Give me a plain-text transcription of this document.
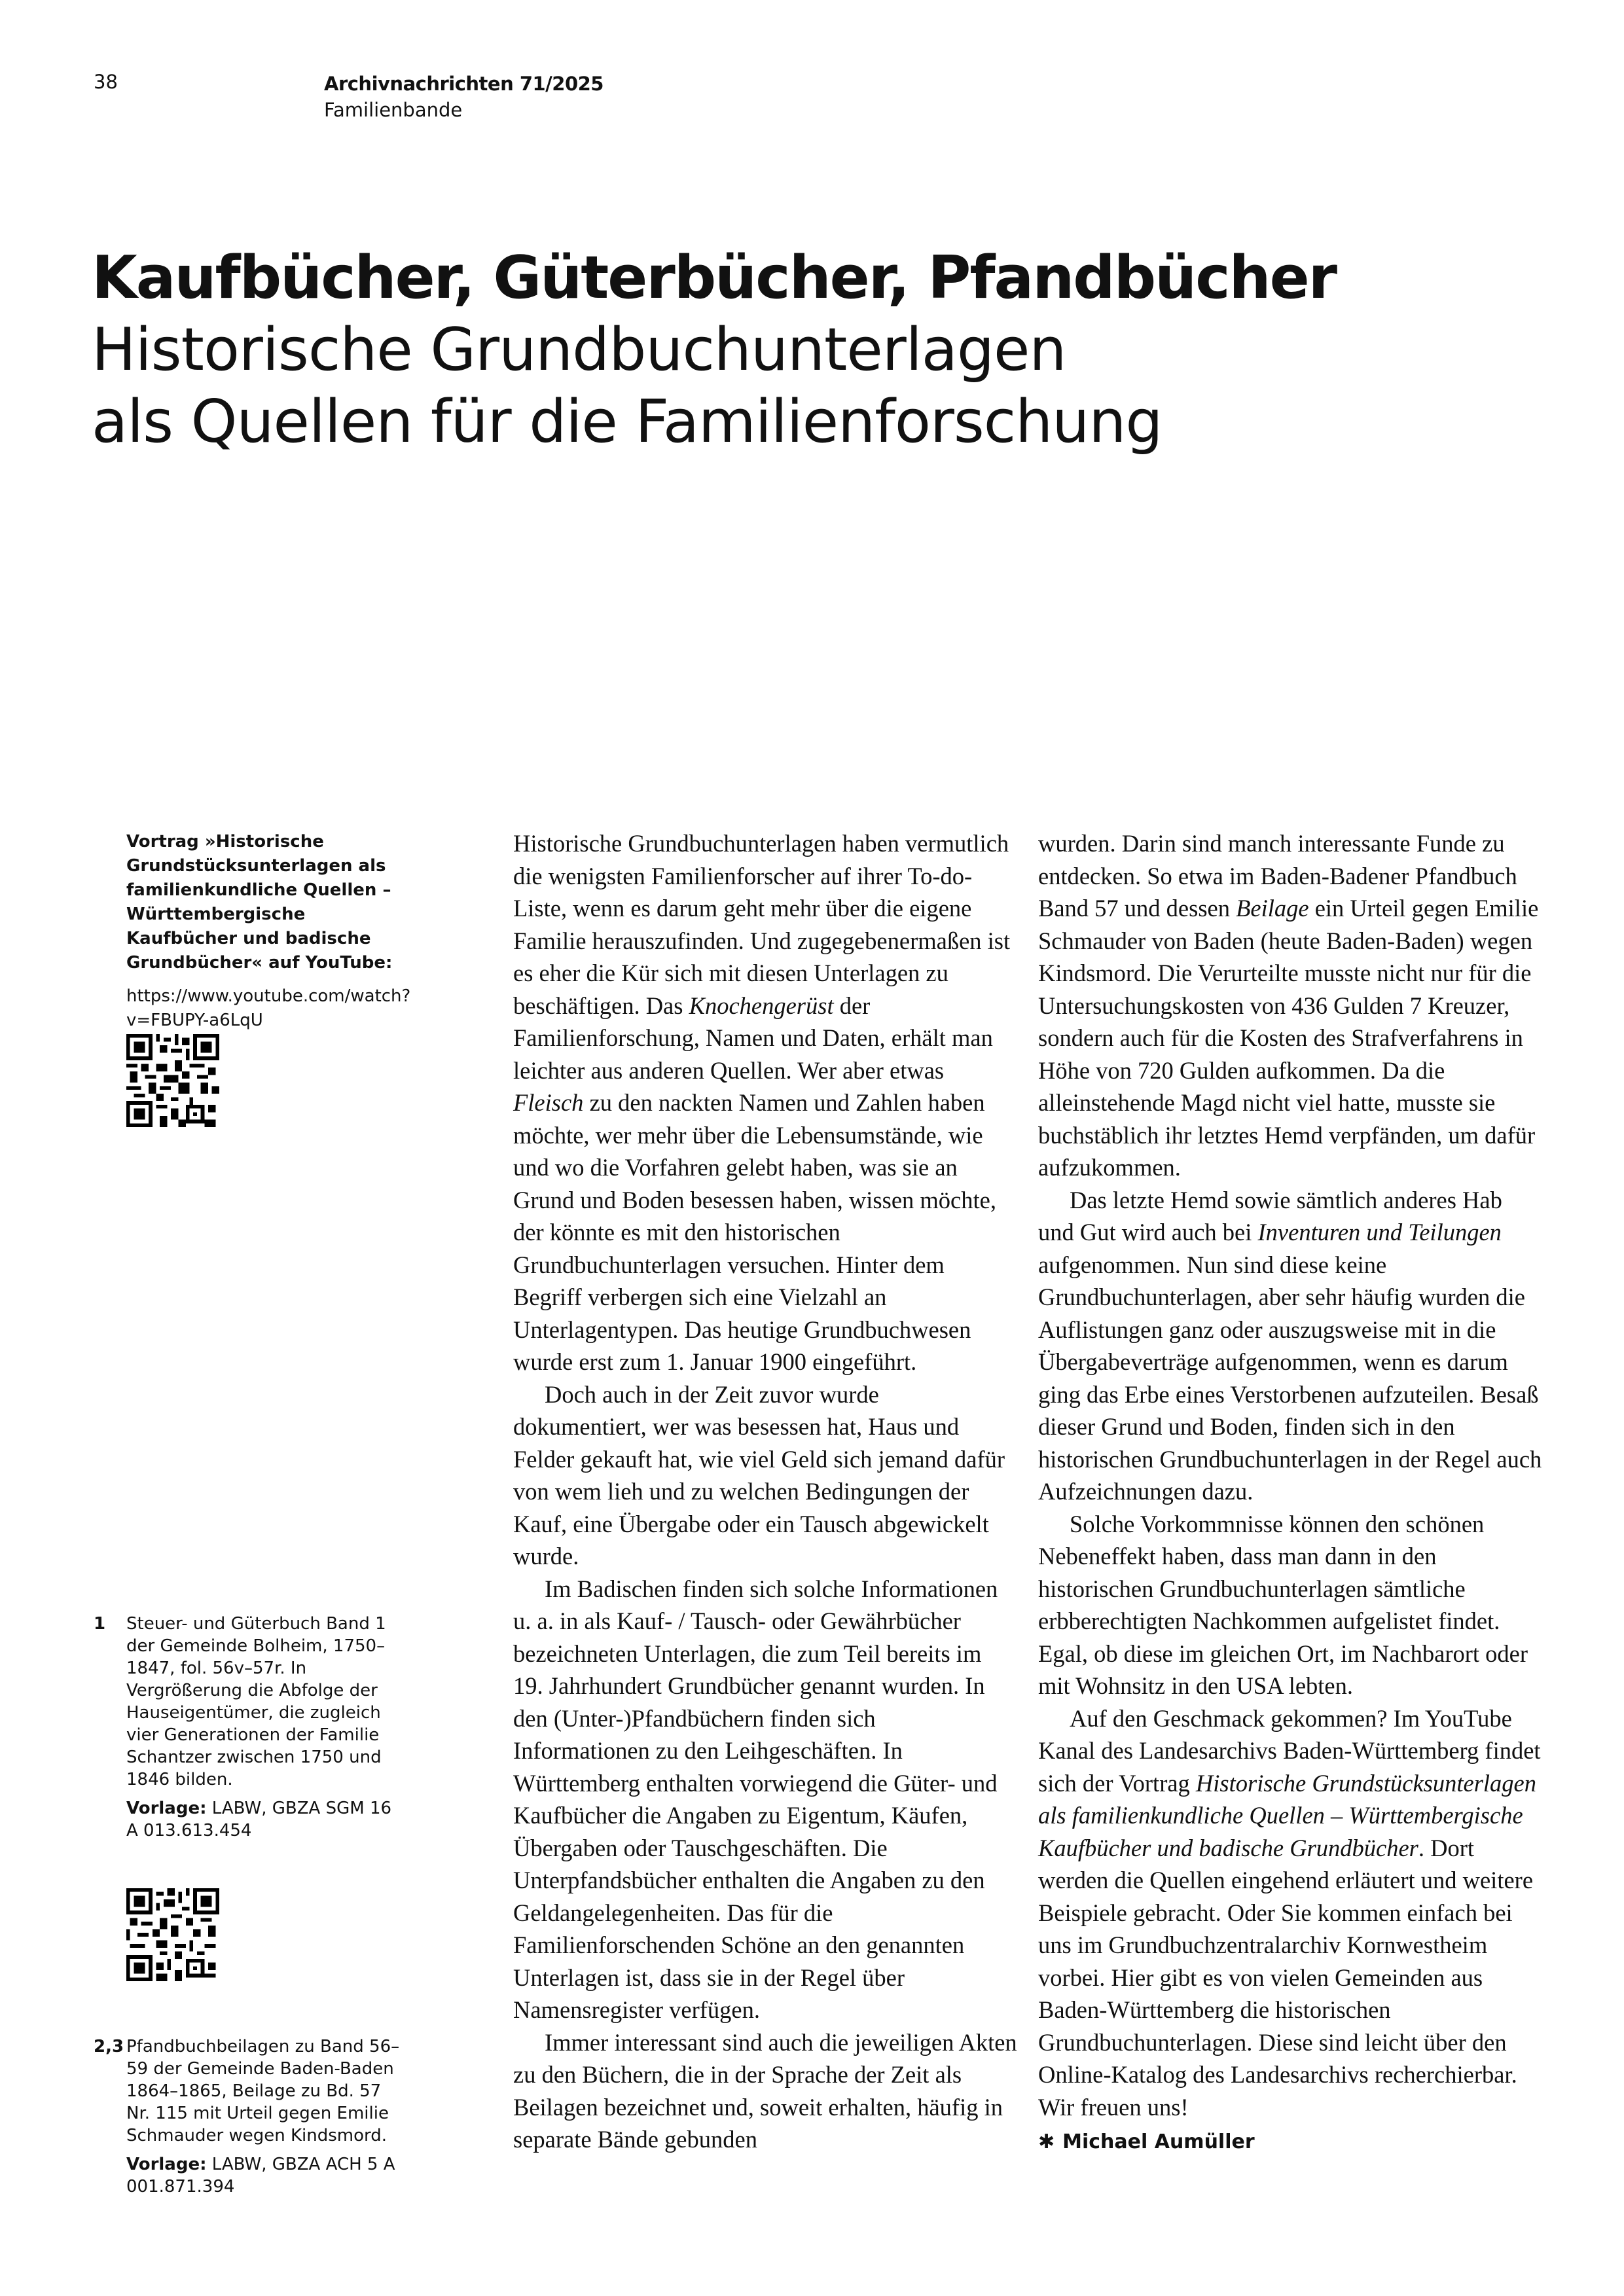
38	Archivnachrichten 71/2025
Familienbande
Kaufbücher, Güterbücher, Pfandbücher
Historische Grundbuchunterlagen
als Quellen für die Familienforschung
Vortrag »Historische Grundstücksunterlagen als familienkundliche Quellen – Württembergische Kaufbücher und badische Grundbücher« auf YouTube:
https://www.youtube.com/watch?v=FBUPY-a6LqU
1 Steuer- und Güterbuch Band 1 der Gemeinde Bolheim, 1750–1847, fol. 56v–57r. In Vergrößerung die Abfolge der Hauseigentümer, die zugleich vier Generationen der Familie Schantzer zwischen 1750 und 1846 bilden.
Vorlage: LABW, GBZA SGM 16 A 013.613.454
2,3 Pfandbuchbeilagen zu Band 56–59 der Gemeinde Baden-Baden 1864–1865, Beilage zu Bd. 57 Nr. 115 mit Urteil gegen Emilie Schmauder wegen Kindsmord.
Vorlage: LABW, GBZA ACH 5 A 001.871.394

Historische Grundbuchunterlagen haben vermutlich die wenigsten Familienforscher auf ihrer To-do-Liste, wenn es darum geht mehr über die eigene Familie herauszufinden. Und zugegebenermaßen ist es eher die Kür sich mit diesen Unterlagen zu beschäftigen. Das Knochengerüst der Familienforschung, Namen und Daten, erhält man leichter aus anderen Quellen. Wer aber etwas Fleisch zu den nackten Namen und Zahlen haben möchte, wer mehr über die Lebensumstände, wie und wo die Vorfahren gelebt haben, was sie an Grund und Boden besessen haben, wissen möchte, der könnte es mit den historischen Grundbuchunterlagen versuchen. Hinter dem Begriff verbergen sich eine Vielzahl an Unterlagentypen. Das heutige Grundbuchwesen wurde erst zum 1. Januar 1900 eingeführt.

Doch auch in der Zeit zuvor wurde dokumentiert, wer was besessen hat, Haus und Felder gekauft hat, wie viel Geld sich jemand dafür von wem lieh und zu welchen Bedingungen der Kauf, eine Übergabe oder ein Tausch abgewickelt wurde.

Im Badischen finden sich solche Informationen u. a. in als Kauf- / Tausch- oder Gewährbücher bezeichneten Unterlagen, die zum Teil bereits im 19. Jahrhundert Grundbücher genannt wurden. In den (Unter-)Pfandbüchern finden sich Informationen zu den Leihgeschäften. In Württemberg enthalten vorwiegend die Güter- und Kaufbücher die Angaben zu Eigentum, Käufen, Übergaben oder Tauschgeschäften. Die Unterpfandsbücher enthalten die Angaben zu den Geldangelegenheiten. Das für die Familienforschenden Schöne an den genannten Unterlagen ist, dass sie in der Regel über Namensregister verfügen.

Immer interessant sind auch die jeweiligen Akten zu den Büchern, die in der Sprache der Zeit als Beilagen bezeichnet und, soweit erhalten, häufig in separate Bände gebunden

wurden. Darin sind manch interessante Funde zu entdecken. So etwa im Baden-Badener Pfandbuch Band 57 und dessen Beilage ein Urteil gegen Emilie Schmauder von Baden (heute Baden-Baden) wegen Kindsmord. Die Verurteilte musste nicht nur für die Untersuchungskosten von 436 Gulden 7 Kreuzer, sondern auch für die Kosten des Strafverfahrens in Höhe von 720 Gulden aufkommen. Da die alleinstehende Magd nicht viel hatte, musste sie buchstäblich ihr letztes Hemd verpfänden, um dafür aufzukommen.

Das letzte Hemd sowie sämtlich anderes Hab und Gut wird auch bei Inventuren und Teilungen aufgenommen. Nun sind diese keine Grundbuchunterlagen, aber sehr häufig wurden die Auflistungen ganz oder auszugsweise mit in die Übergabeverträge aufgenommen, wenn es darum ging das Erbe eines Verstorbenen aufzuteilen. Besaß dieser Grund und Boden, finden sich in den historischen Grundbuchunterlagen in der Regel auch Aufzeichnungen dazu.

Solche Vorkommnisse können den schönen Nebeneffekt haben, dass man dann in den historischen Grundbuchunterlagen sämtliche erbberechtigten Nachkommen aufgelistet findet. Egal, ob diese im gleichen Ort, im Nachbarort oder mit Wohnsitz in den USA lebten.

Auf den Geschmack gekommen? Im YouTube Kanal des Landesarchivs Baden-Württemberg findet sich der Vortrag Historische Grundstücksunterlagen als familienkundliche Quellen – Württembergische Kaufbücher und badische Grundbücher. Dort werden die Quellen eingehend erläutert und weitere Beispiele gebracht. Oder Sie kommen einfach bei uns im Grundbuchzentralarchiv Kornwestheim vorbei. Hier gibt es von vielen Gemeinden aus Baden-Württemberg die historischen Grundbuchunterlagen. Diese sind leicht über den Online-Katalog des Landesarchivs recherchierbar. Wir freuen uns!

✱ Michael Aumüller
